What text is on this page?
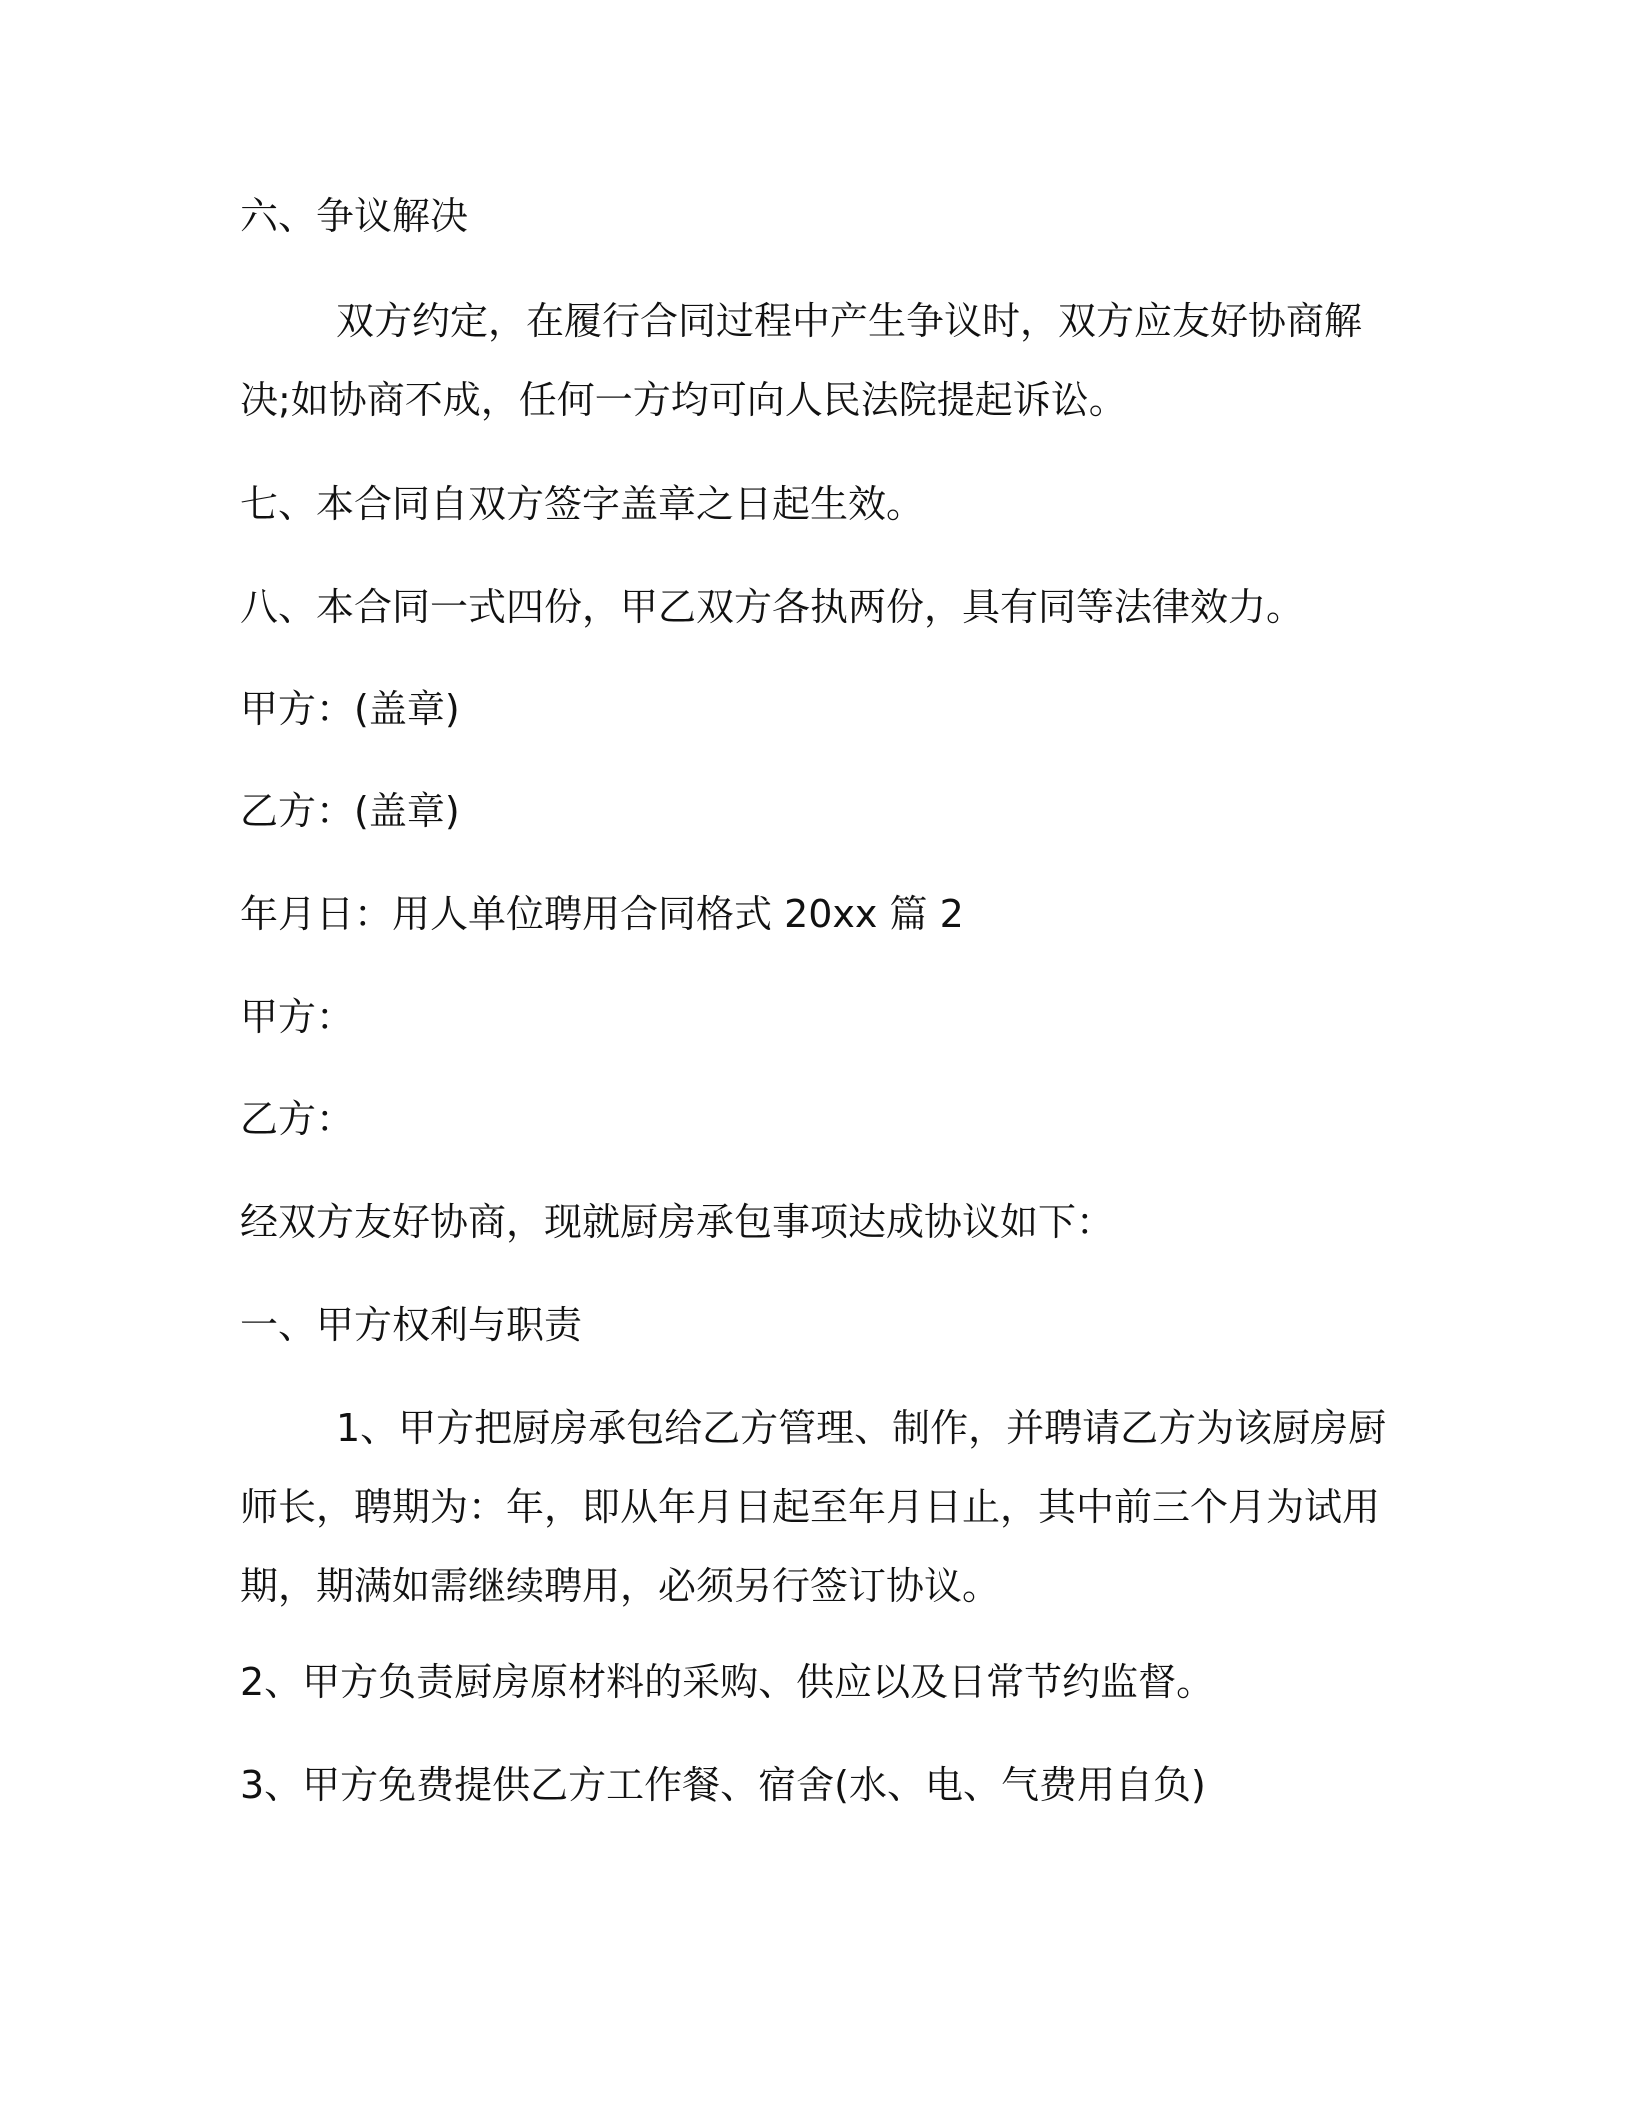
六、争议解决

双方约定，在履行合同过程中产生争议时，双方应友好协商解决;如协商不成，任何一方均可向人民法院提起诉讼。

七、本合同自双方签字盖章之日起生效。

八、本合同一式四份，甲乙双方各执两份，具有同等法律效力。

甲方：(盖章)

乙方：(盖章)

年月日：用人单位聘用合同格式 20xx 篇 2

甲方：

乙方：

经双方友好协商，现就厨房承包事项达成协议如下：

一、甲方权利与职责

1、甲方把厨房承包给乙方管理、制作，并聘请乙方为该厨房厨师长，聘期为：年，即从年月日起至年月日止，其中前三个月为试用期，期满如需继续聘用，必须另行签订协议。

2、甲方负责厨房原材料的采购、供应以及日常节约监督。

3、甲方免费提供乙方工作餐、宿舍(水、电、气费用自负)
